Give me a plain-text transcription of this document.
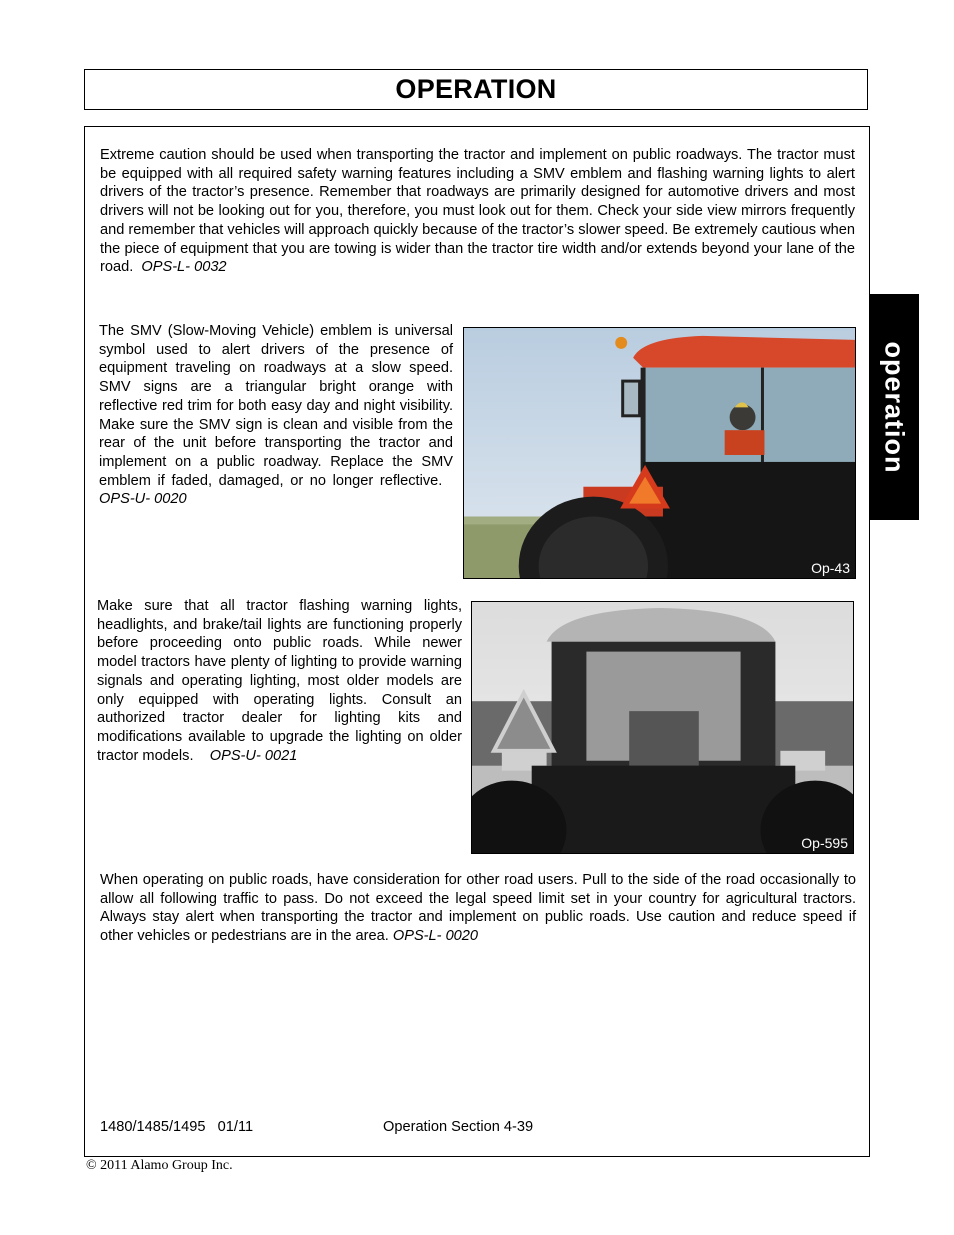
OPERATION
operation

Extreme caution should be used when transporting the tractor and implement on public roadways. The tractor must be equipped with all required safety warning features including a SMV emblem and flashing warning lights to alert drivers of the tractor’s presence. Remember that roadways are primarily designed for automotive drivers and most drivers will not be looking out for you, therefore, you must look out for them. Check your side view mirrors frequently and remember that vehicles will approach quickly because of the tractor’s slower speed. Be extremely cautious when the piece of equipment that you are towing is wider than the tractor tire width and/or extends beyond your lane of the road. OPS-L- 0032

The SMV (Slow-Moving Vehicle) emblem is universal symbol used to alert drivers of the presence of equipment traveling on roadways at a slow speed. SMV signs are a triangular bright orange with reflective red trim for both easy day and night visibility. Make sure the SMV sign is clean and visible from the rear of the unit before transporting the tractor and implement on a public roadway. Replace the SMV emblem if faded, damaged, or no longer reflective.   OPS-U- 0020

Op-43

Make sure that all tractor flashing warning lights, headlights, and brake/tail lights are functioning properly before proceeding onto public roads. While newer model tractors have plenty of lighting to provide warning signals and operating lighting, most older models are only equipped with operating lights. Consult an authorized tractor dealer for lighting kits and modifications available to upgrade the lighting on older tractor models. OPS-U- 0021

Op-595

When operating on public roads, have consideration for other road users. Pull to the side of the road occasionally to allow all following traffic to pass. Do not exceed the legal speed limit set in your country for agricultural tractors. Always stay alert when transporting the tractor and implement on public roads. Use caution and reduce speed if other vehicles or pedestrians are in the area. OPS-L- 0020

1480/1485/1495   01/11	Operation Section 4-39
© 2011 Alamo Group Inc.
